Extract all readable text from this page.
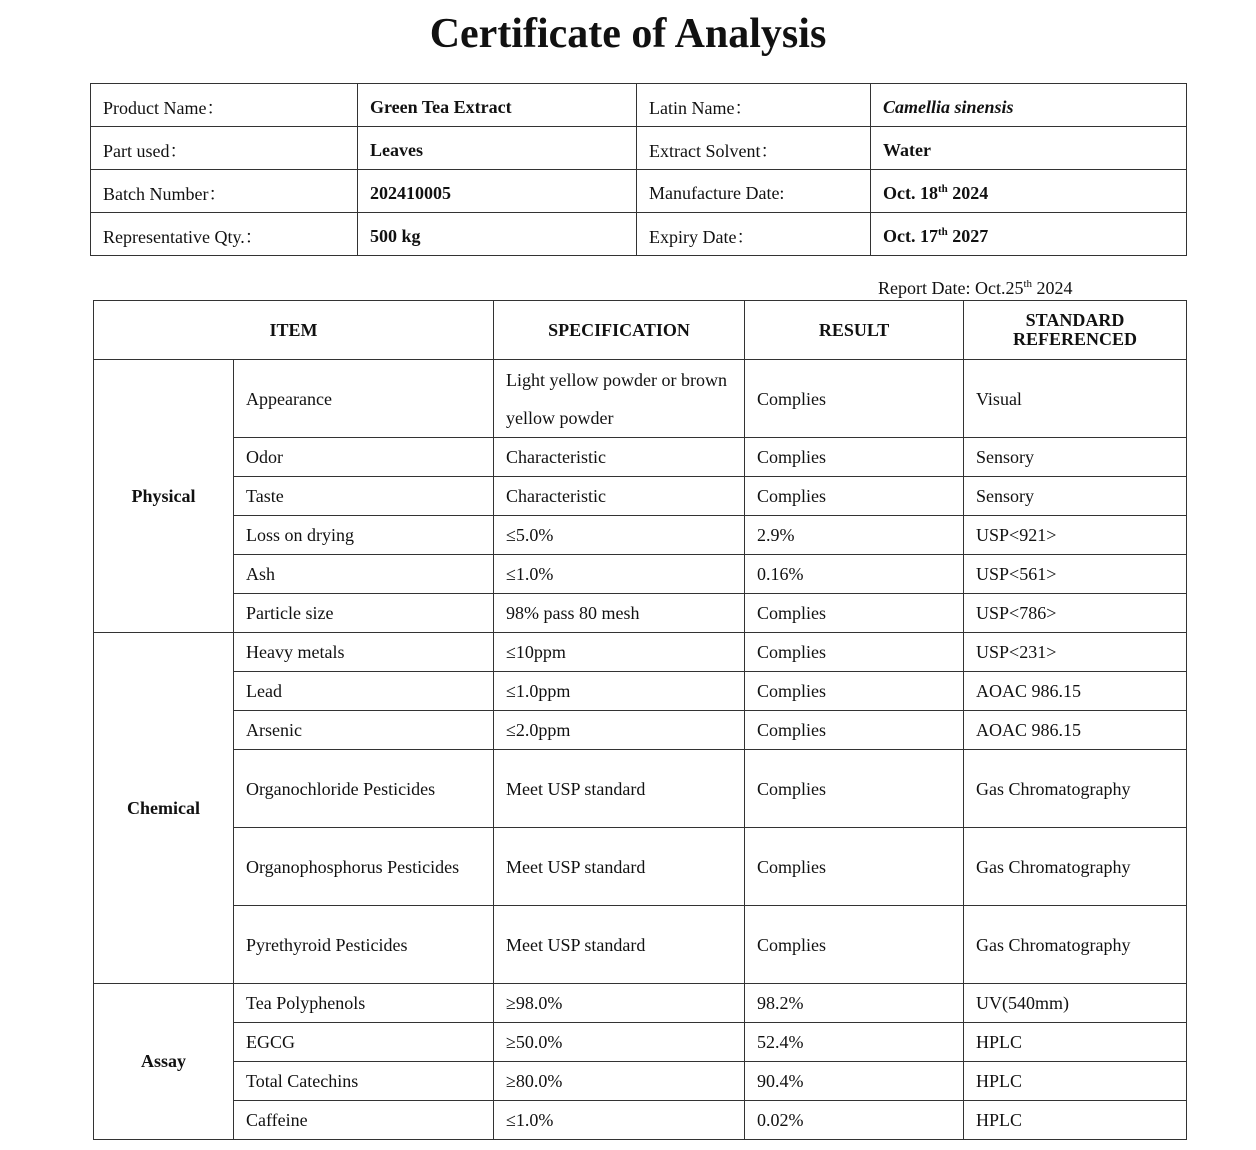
Certificate of Analysis
Product Name：	Green Tea Extract	Latin Name：	Camellia sinensis
Part used：	Leaves	Extract Solvent：	Water
Batch Number：	202410005	Manufacture Date:	Oct. 18th 2024
Representative Qty.：	500 kg	Expiry Date：	Oct. 17th 2027
Report Date: Oct.25th 2024
ITEM		SPECIFICATION	RESULT	STANDARD REFERENCED
Physical	Appearance	Light yellow powder or brown yellow powder	Complies	Visual
	Odor	Characteristic	Complies	Sensory
	Taste	Characteristic	Complies	Sensory
	Loss on drying	≤5.0%	2.9%	USP<921>
	Ash	≤1.0%	0.16%	USP<561>
	Particle size	98% pass 80 mesh	Complies	USP<786>
Chemical	Heavy metals	≤10ppm	Complies	USP<231>
	Lead	≤1.0ppm	Complies	AOAC 986.15
	Arsenic	≤2.0ppm	Complies	AOAC 986.15
	Organochloride Pesticides	Meet USP standard	Complies	Gas Chromatography
	Organophosphorus Pesticides	Meet USP standard	Complies	Gas Chromatography
	Pyrethyroid Pesticides	Meet USP standard	Complies	Gas Chromatography
Assay	Tea Polyphenols	≥98.0%	98.2%	UV(540mm)
	EGCG	≥50.0%	52.4%	HPLC
	Total Catechins	≥80.0%	90.4%	HPLC
	Caffeine	≤1.0%	0.02%	HPLC
